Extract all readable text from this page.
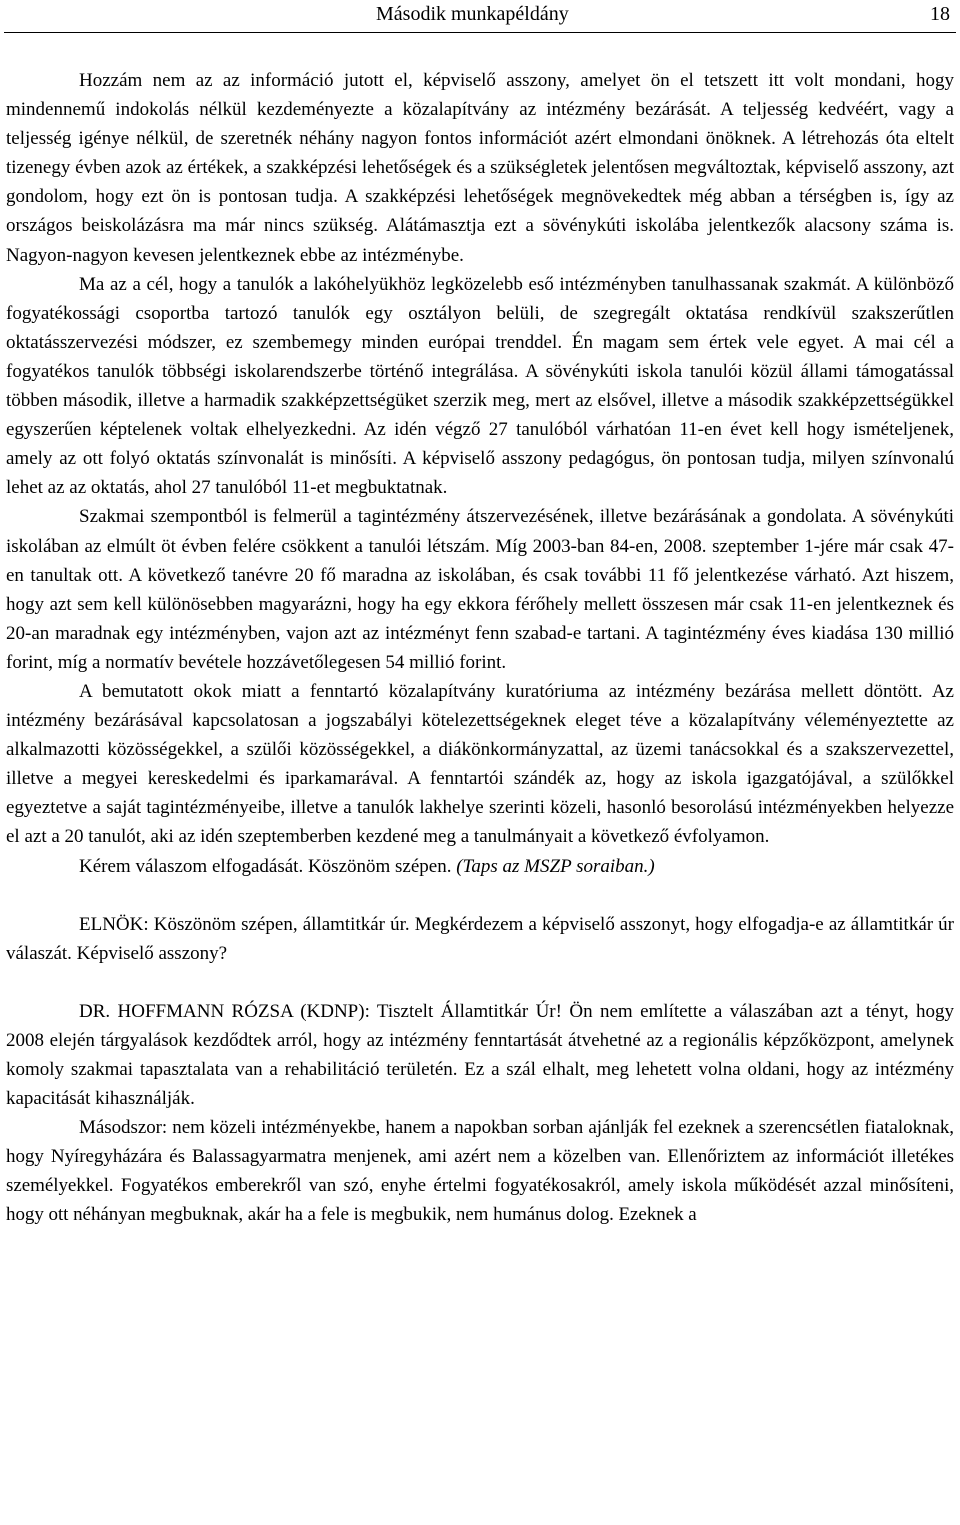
Második munkapéldány	18

Hozzám nem az az információ jutott el, képviselő asszony, amelyet ön el tetszett itt volt mondani, hogy mindennemű indokolás nélkül kezdeményezte a közalapítvány az intézmény bezárását. A teljesség kedvéért, vagy a teljesség igénye nélkül, de szeretnék néhány nagyon fontos információt azért elmondani önöknek. A létrehozás óta eltelt tizenegy évben azok az értékek, a szakképzési lehetőségek és a szükségletek jelentősen megváltoztak, képviselő asszony, azt gondolom, hogy ezt ön is pontosan tudja. A szakképzési lehetőségek megnövekedtek még abban a térségben is, így az országos beiskolázásra ma már nincs szükség. Alátámasztja ezt a sövénykúti iskolába jelentkezők alacsony száma is. Nagyon-nagyon kevesen jelentkeznek ebbe az intézménybe.

Ma az a cél, hogy a tanulók a lakóhelyükhöz legközelebb eső intézményben tanulhassanak szakmát. A különböző fogyatékossági csoportba tartozó tanulók egy osztályon belüli, de szegregált oktatása rendkívül szakszerűtlen oktatásszervezési módszer, ez szembemegy minden európai trenddel. Én magam sem értek vele egyet. A mai cél a fogyatékos tanulók többségi iskolarendszerbe történő integrálása. A sövénykúti iskola tanulói közül állami támogatással többen második, illetve a harmadik szakképzettségüket szerzik meg, mert az elsővel, illetve a második szakképzettségükkel egyszerűen képtelenek voltak elhelyezkedni. Az idén végző 27 tanulóból várhatóan 11-en évet kell hogy ismételjenek, amely az ott folyó oktatás színvonalát is minősíti. A képviselő asszony pedagógus, ön pontosan tudja, milyen színvonalú lehet az az oktatás, ahol 27 tanulóból 11-et megbuktatnak.

Szakmai szempontból is felmerül a tagintézmény átszervezésének, illetve bezárásának a gondolata. A sövénykúti iskolában az elmúlt öt évben felére csökkent a tanulói létszám. Míg 2003-ban 84-en, 2008. szeptember 1-jére már csak 47-en tanultak ott. A következő tanévre 20 fő maradna az iskolában, és csak további 11 fő jelentkezése várható. Azt hiszem, hogy azt sem kell különösebben magyarázni, hogy ha egy ekkora férőhely mellett összesen már csak 11-en jelentkeznek és 20-an maradnak egy intézményben, vajon azt az intézményt fenn szabad-e tartani. A tagintézmény éves kiadása 130 millió forint, míg a normatív bevétele hozzávetőlegesen 54 millió forint.

A bemutatott okok miatt a fenntartó közalapítvány kuratóriuma az intézmény bezárása mellett döntött. Az intézmény bezárásával kapcsolatosan a jogszabályi kötelezettségeknek eleget téve a közalapítvány véleményeztette az alkalmazotti közösségekkel, a szülői közösségekkel, a diákönkormányzattal, az üzemi tanácsokkal és a szakszervezettel, illetve a megyei kereskedelmi és iparkamarával. A fenntartói szándék az, hogy az iskola igazgatójával, a szülőkkel egyeztetve a saját tagintézményeibe, illetve a tanulók lakhelye szerinti közeli, hasonló besorolású intézményekben helyezze el azt a 20 tanulót, aki az idén szeptemberben kezdené meg a tanulmányait a következő évfolyamon.

Kérem válaszom elfogadását. Köszönöm szépen. (Taps az MSZP soraiban.)

ELNÖK: Köszönöm szépen, államtitkár úr. Megkérdezem a képviselő asszonyt, hogy elfogadja-e az államtitkár úr válaszát. Képviselő asszony?

DR. HOFFMANN RÓZSA (KDNP): Tisztelt Államtitkár Úr! Ön nem említette a válaszában azt a tényt, hogy 2008 elején tárgyalások kezdődtek arról, hogy az intézmény fenntartását átvehetné az a regionális képzőközpont, amelynek komoly szakmai tapasztalata van a rehabilitáció területén. Ez a szál elhalt, meg lehetett volna oldani, hogy az intézmény kapacitását kihasználják.

Másodszor: nem közeli intézményekbe, hanem a napokban sorban ajánlják fel ezeknek a szerencsétlen fiataloknak, hogy Nyíregyházára és Balassagyarmatra menjenek, ami azért nem a közelben van. Ellenőriztem az információt illetékes személyekkel. Fogyatékos emberekről van szó, enyhe értelmi fogyatékosakról, amely iskola működését azzal minősíteni, hogy ott néhányan megbuknak, akár ha a fele is megbukik, nem humánus dolog. Ezeknek a
